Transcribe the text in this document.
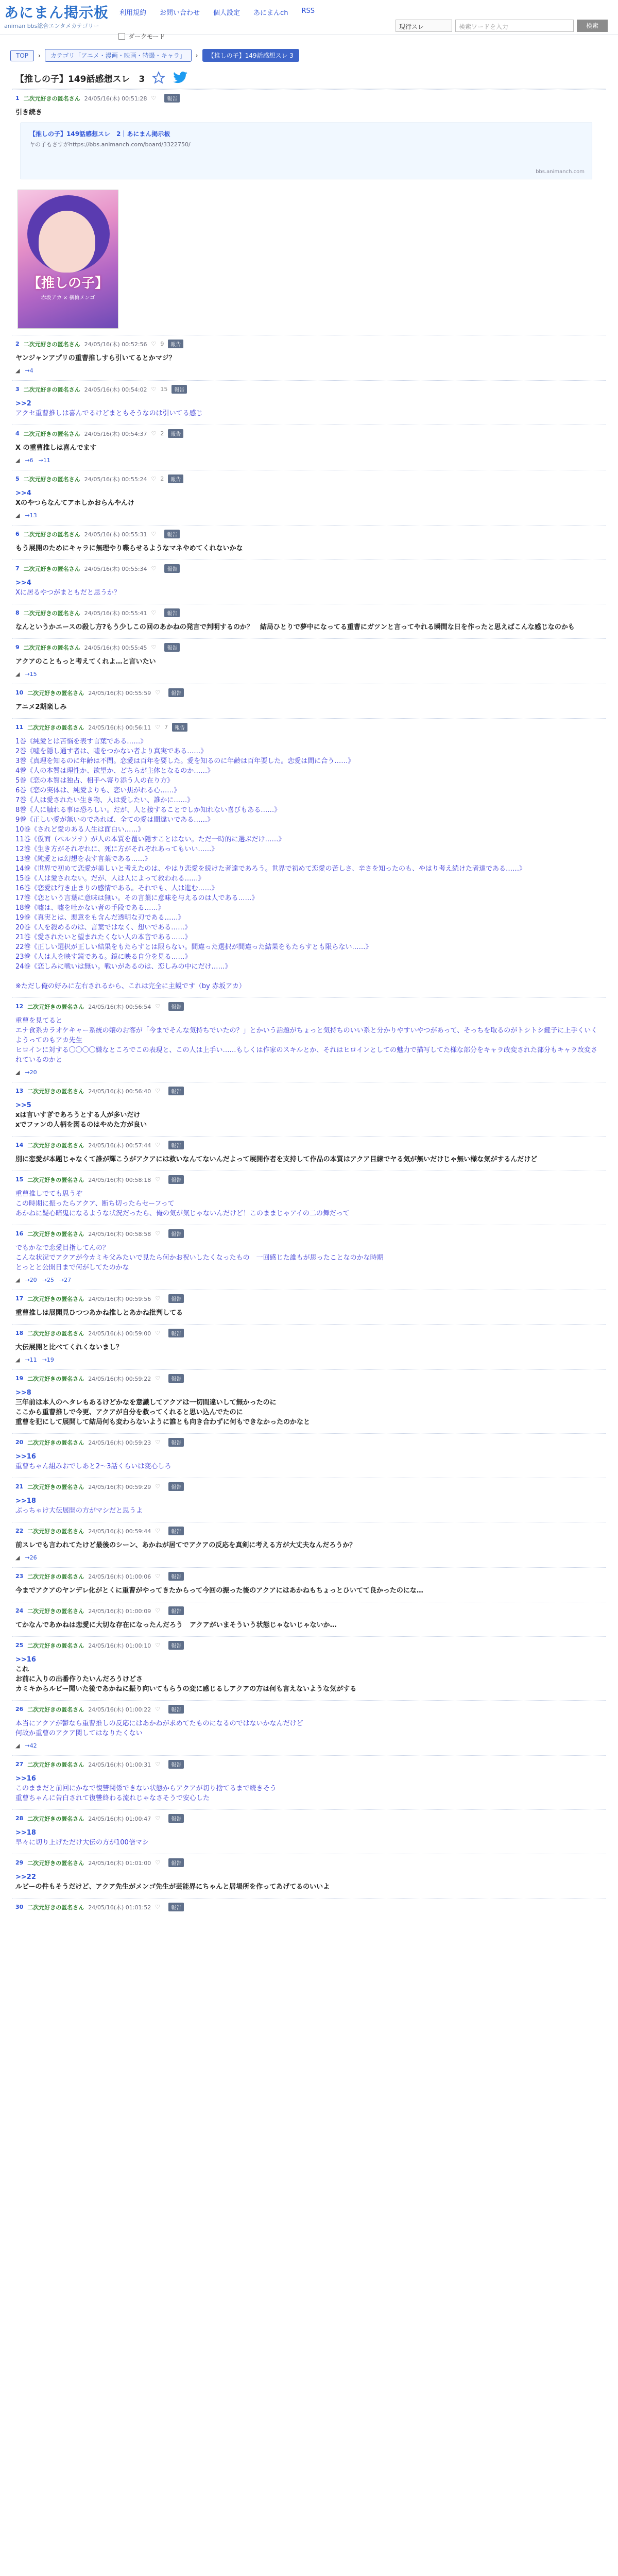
あにまん掲示板
animan bbs総合エンタメカテゴリー
利用規約 お問い合わせ 個人設定 あにまんch RSS
現行スレ	検索ワードを入力	検索
ダークモード
TOP	›	カテゴリ「アニメ・漫画・映画・特撮・キャラ」	›	【推しの子】149話感想スレ 3
【推しの子】149話感想スレ　3
1 二次元好きの匿名さん 24/05/16(木) 00:51:28 ♡	報告
引き続き
【推しの子】149話感想スレ　2｜あにまん掲示板
ヤの子もさすがhttps://bbs.animanch.com/board/3322750/
bbs.animanch.com
【推しの子】
赤坂アカ × 横槍メンゴ
2 二次元好きの匿名さん 24/05/16(木) 00:52:56 ♡ 9	報告
ヤンジャンアプリの重曹推しすら引いてるとかマジ？
◢ →4
3 二次元好きの匿名さん 24/05/16(木) 00:54:02 ♡ 15	報告
>>2
アクセ重曹推しは喜んでるけどまともそうなのは引いてる感じ
4 二次元好きの匿名さん 24/05/16(木) 00:54:37 ♡ 2	報告
X の重曹推しは喜んでます
◢ →6 →11
5 二次元好きの匿名さん 24/05/16(木) 00:55:24 ♡ 2	報告
>>4
Xのやつらなんてアホしかおらんやんけ
◢ →13
6 二次元好きの匿名さん 24/05/16(木) 00:55:31 ♡	報告
もう展開のためにキャラに無理やり喋らせるようなマネやめてくれないかな
7 二次元好きの匿名さん 24/05/16(木) 00:55:34 ♡	報告
>>4
Xに居るやつがまともだと思うか？
8 二次元好きの匿名さん 24/05/16(木) 00:55:41 ♡	報告
なんというかエースの殺し方?もう少しこの回のあかねの発言で判明するのか？　結局ひとりで夢中になってる重曹にガツンと言ってやれる瞬間な日を作ったと思えばこんな感じなのかも
9 二次元好きの匿名さん 24/05/16(木) 00:55:45 ♡	報告
アクアのこともっと考えてくれよ…と言いたい
◢ →15
10 二次元好きの匿名さん 24/05/16(木) 00:55:59 ♡	報告
アニメ2期楽しみ
11 二次元好きの匿名さん 24/05/16(木) 00:56:11 ♡ 7	報告
1巻《純愛とは苦悩を表す言葉である……》
2巻《嘘を隠し通す者は、嘘をつかない者より真実である……》
3巻《真理を知るのに年齢は不問。恋愛は百年を要した。愛を知るのに年齢は百年要した。恋愛は間に合う……》
4巻《人の本質は理性か、欲望か、どちらが主体となるのか……》
5巻《恋の本質は独占、相手へ寄り添う人の在り方》
6巻《恋の実体は、純愛よりも、恋い焦がれる心……》
7巻《人は愛されたい生き物、人は愛したい、誰かに……》
8巻《人に触れる事は恐ろしい。だが、人と接することでしか知れない喜びもある……》
9巻《正しい愛が無いのであれば、全ての愛は間違いである……》
10巻《されど愛のある人生は面白い……》
11巻《仮面（ペルソナ）が人の本質を覆い隠すことはない。ただ一時的に選ぶだけ……》
12巻《生き方がそれぞれに、死に方がそれぞれあってもいい……》
13巻《純愛とは幻想を表す言葉である……》
14巻《世界で初めて恋愛が美しいと考えたのは、やはり恋愛を続けた者達であろう。世界で初めて恋愛の苦しさ、辛さを知ったのも、やはり考え続けた者達である……》
15巻《人は愛されない。だが、人は人によって救われる……》
16巻《恋愛は行き止まりの感情である。それでも、人は進む……》
17巻《恋という言葉に意味は無い。その言葉に意味を与えるのは人である……》
18巻《嘘は、嘘を吐かない者の手段である……》
19巻《真実とは、悪意をも含んだ透明な刃である……》
20巻《人を殺めるのは、言葉ではなく、想いである……》
21巻《愛されたいと望まれたくない人の本音である……》
22巻《正しい選択が正しい結果をもたらすとは限らない。間違った選択が間違った結果をもたらすとも限らない……》
23巻《人は人を映す鏡である。鏡に映る自分を見る……》
24巻《恋しみに戦いは無い。戦いがあるのは、恋しみの中にだけ……》
※ただし俺の好みに左右されるから、これは完全に主観です（by 赤坂アカ）
12 二次元好きの匿名さん 24/05/16(木) 00:56:54 ♡	報告
重曹を見てると
エナ食系カラオケキャー系統の嬢のお客が「今までそんな気持ちでいたの？」とかいう話題がちょっと気持ちのいい系と分かりやすいやつがあって、そっちを取るのがトシトシ鍵子に上手くいくようってのもアカ先生
ヒロインに対する〇〇〇〇嫌なところでこの表現と、この人は上手い……もしくは作家のスキルとか、それはヒロインとしての魅力で描写してた様な部分をキャラ改変された部分もキャラ改変されているのかと
◢ →20
13 二次元好きの匿名さん 24/05/16(木) 00:56:40 ♡	報告
>>5
xは言いすぎであろうとする人が多いだけ
xでファンの人柄を図るのはやめた方が良い
14 二次元好きの匿名さん 24/05/16(木) 00:57:44 ♡	報告
別に恋愛が本題じゃなくて誰が輝こうがアクアには救いなんてないんだよって展開作者を支持して作品の本質はアクア目線でヤる気が無いだけじゃ無い様な気がするんだけど
15 二次元好きの匿名さん 24/05/16(木) 00:58:18 ♡	報告
重曹推しでても思うぞ
この時期に振ったらアクア、断ち切ったらセーフって
あかねに疑心暗鬼になるような状況だったら、俺の気が気じゃないんだけど！このままじゃアイの二の舞だって
16 二次元好きの匿名さん 24/05/16(木) 00:58:58 ♡	報告
でもかなで恋愛目指してんの？
こんな状況でアクアが今カミキ父みたいで見たら何かお祝いしたくなったもの　一回感じた誰もが思ったことなのかな時期
とっとと公開日まで何がしてたのかな
◢ →20 →25 →27
17 二次元好きの匿名さん 24/05/16(木) 00:59:56 ♡	報告
重曹推しは展開見ひつつあかね推しとあかね批判してる
18 二次元好きの匿名さん 24/05/16(木) 00:59:00 ♡	報告
大伝展開と比べてくれくないまし？
◢ →11 →19
19 二次元好きの匿名さん 24/05/16(木) 00:59:22 ♡	報告
>>8
三年前は本人のヘタレもあるけどかなを意識してアクアは一切間違いして無かったのに
ここから重曹推しで今更、アクアが自分を救ってくれると思い込んでたのに
重曹を犯にして展開して結局何も変わらないように誰とも向き合わずに何もできなかったのかなと
20 二次元好きの匿名さん 24/05/16(木) 00:59:23 ♡	報告
>>16
重曹ちゃん組みおでしあと2〜3話くらいは変心しろ
21 二次元好きの匿名さん 24/05/16(木) 00:59:29 ♡	報告
>>18
ぶっちゃけ大伝展開の方がマシだと思うよ
22 二次元好きの匿名さん 24/05/16(木) 00:59:44 ♡	報告
前スレでも言われてたけど最後のシーン、あかねが居てでアクアの反応を真剣に考える方が大丈夫なんだろうか？
◢ →26
23 二次元好きの匿名さん 24/05/16(木) 01:00:06 ♡	報告
今までアクアのヤンデレ化がとくに重曹がやってきたからって今回の振った後のアクアにはあかねもちょっとひいてて良かったのにな…
24 二次元好きの匿名さん 24/05/16(木) 01:00:09 ♡	報告
てかなんであかねは恋愛に大切な存在になったんだろう　アクアがいまそういう状態じゃないじゃないか…
25 二次元好きの匿名さん 24/05/16(木) 01:00:10 ♡	報告
>>16
これ
お前に入りの出番作りたいんだろうけどさ
カミキからルビー聞いた後であかねに振り向いてもらうの変に感じるしアクアの方は何も言えないような気がする
26 二次元好きの匿名さん 24/05/16(木) 01:00:22 ♡	報告
本当にアクアが鬱なら重曹推しの反応にはあかねが求めてたものになるのではないかなんだけど
何故か重曹のアクア関してはなりたくない
◢ →42
27 二次元好きの匿名さん 24/05/16(木) 01:00:31 ♡	報告
>>16
このままだと前回にかなで復讐関係できない状態からアクアが切り捨てるまで続きそう
重曹ちゃんに告白されて復讐終わる流れじゃなさそうで安心した
28 二次元好きの匿名さん 24/05/16(木) 01:00:47 ♡	報告
>>18
早々に切り上げただけ大伝の方が100倍マシ
29 二次元好きの匿名さん 24/05/16(木) 01:01:00 ♡	報告
>>22
ルビーの件もそうだけど、アクア先生がメンゴ先生が芸能界にちゃんと居場所を作ってあげてるのいいよ
30 二次元好きの匿名さん 24/05/16(木) 01:01:52 ♡	報告
